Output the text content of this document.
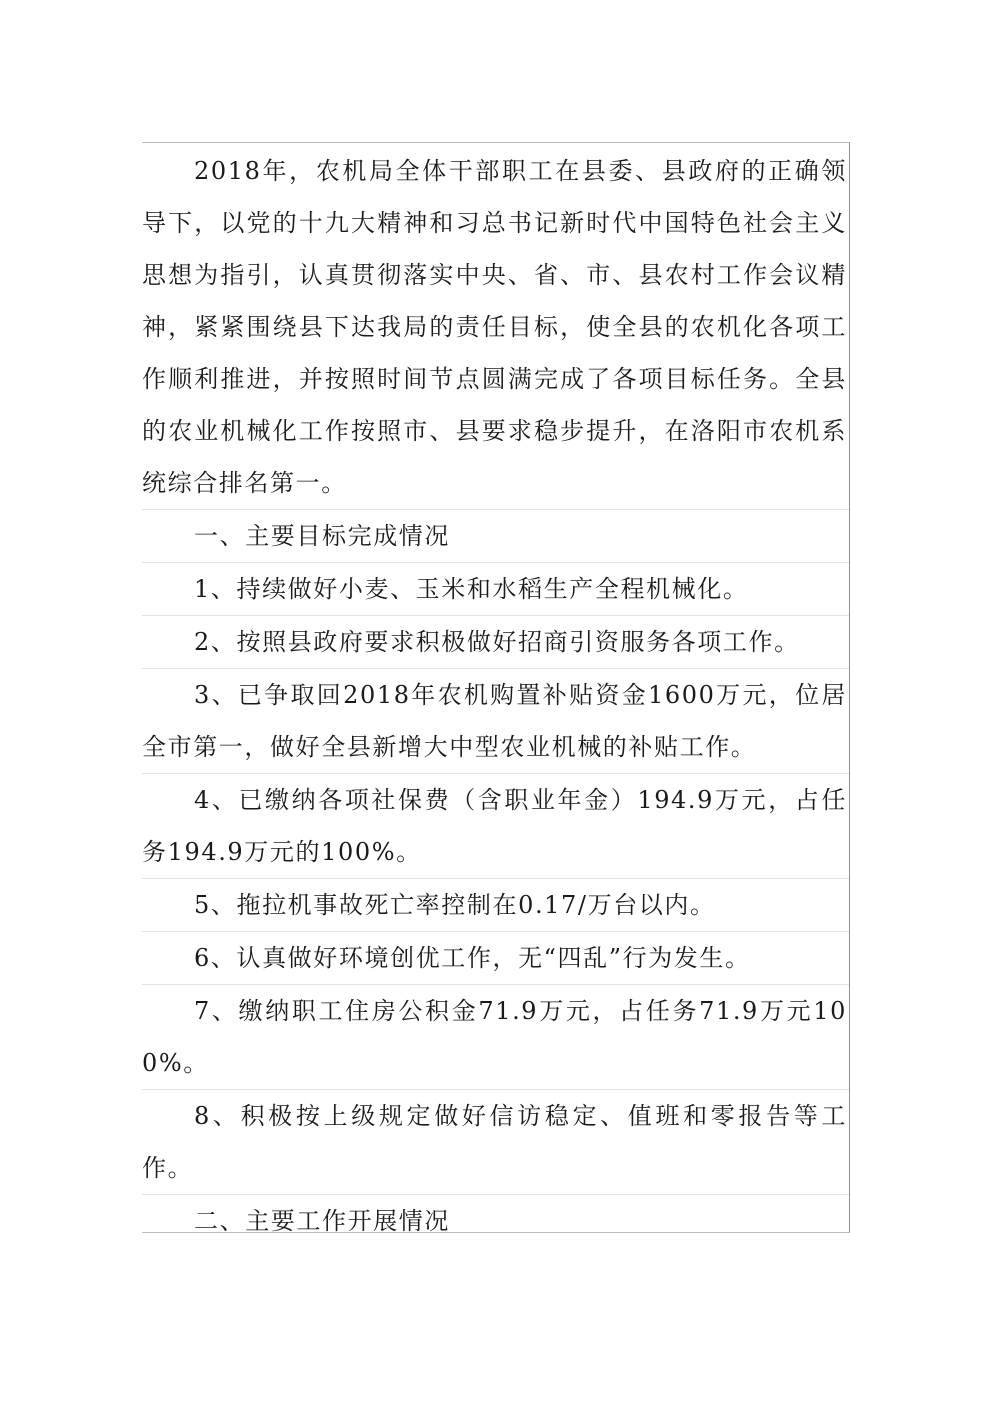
2018年，农机局全体干部职工在县委、县政府的正确领导下，以党的十九大精神和习总书记新时代中国特色社会主义思想为指引，认真贯彻落实中央、省、市、县农村工作会议精神，紧紧围绕县下达我局的责任目标，使全县的农机化各项工作顺利推进，并按照时间节点圆满完成了各项目标任务。全县的农业机械化工作按照市、县要求稳步提升，在洛阳市农机系统综合排名第一。

一、主要目标完成情况

1、持续做好小麦、玉米和水稻生产全程机械化。

2、按照县政府要求积极做好招商引资服务各项工作。

3、已争取回2018年农机购置补贴资金1600万元，位居全市第一，做好全县新增大中型农业机械的补贴工作。

4、已缴纳各项社保费（含职业年金）194.9万元，占任务194.9万元的100%。

5、拖拉机事故死亡率控制在0.17/万台以内。

6、认真做好环境创优工作，无“四乱”行为发生。

7、缴纳职工住房公积金71.9万元，占任务71.9万元100%。

8、积极按上级规定做好信访稳定、值班和零报告等工作。

二、主要工作开展情况
